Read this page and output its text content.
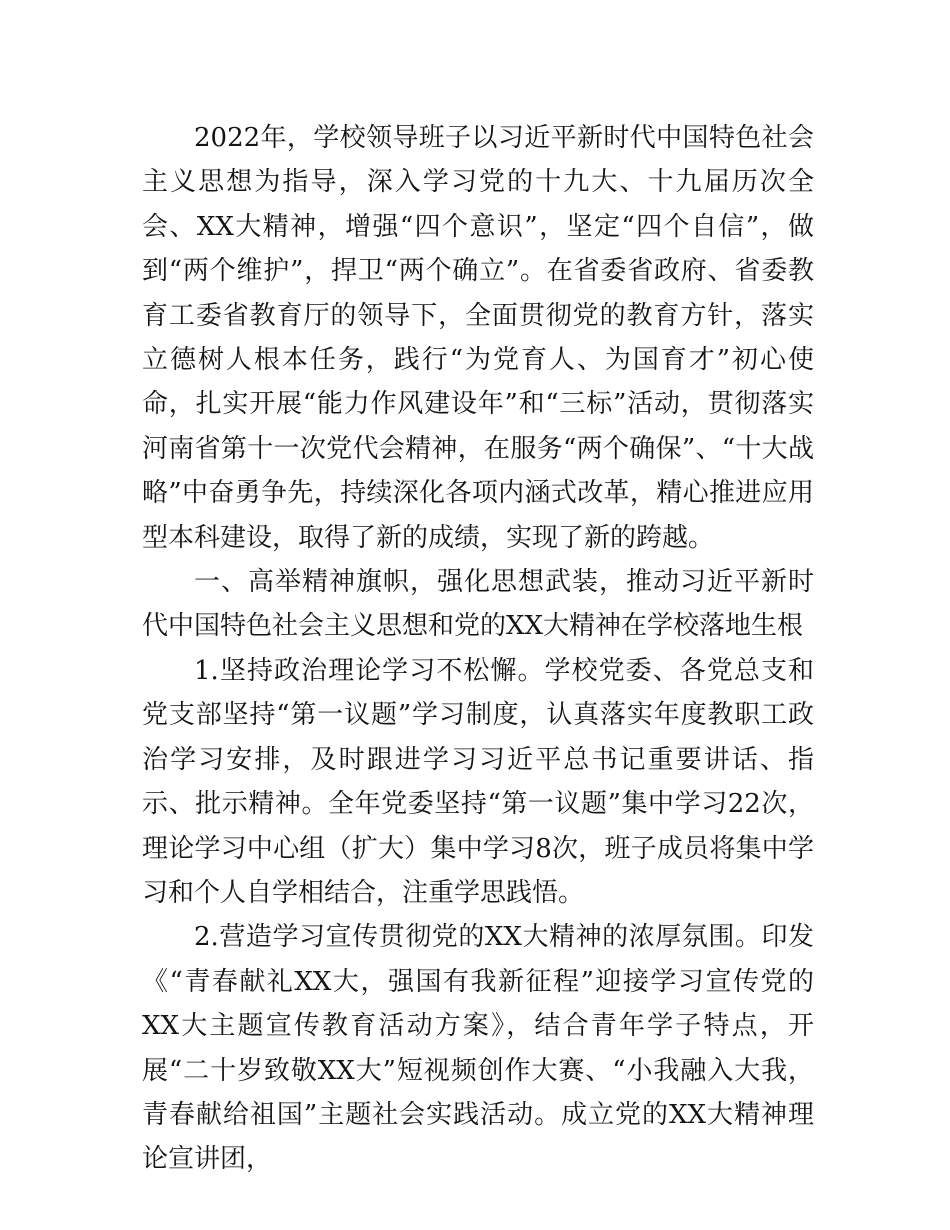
2022年，学校领导班子以习近平新时代中国特色社会主义思想为指导，深入学习党的十九大、十九届历次全会、XX大精神，增强“四个意识”，坚定“四个自信”，做到“两个维护”，捍卫“两个确立”。在省委省政府、省委教育工委省教育厅的领导下，全面贯彻党的教育方针，落实立德树人根本任务，践行“为党育人、为国育才”初心使命，扎实开展“能力作风建设年”和“三标”活动，贯彻落实河南省第十一次党代会精神，在服务“两个确保”、“十大战略”中奋勇争先，持续深化各项内涵式改革，精心推进应用型本科建设，取得了新的成绩，实现了新的跨越。

一、高举精神旗帜，强化思想武装，推动习近平新时代中国特色社会主义思想和党的XX大精神在学校落地生根

1.坚持政治理论学习不松懈。学校党委、各党总支和党支部坚持“第一议题”学习制度，认真落实年度教职工政治学习安排，及时跟进学习习近平总书记重要讲话、指示、批示精神。全年党委坚持“第一议题”集中学习22次，理论学习中心组（扩大）集中学习8次，班子成员将集中学习和个人自学相结合，注重学思践悟。

2.营造学习宣传贯彻党的XX大精神的浓厚氛围。印发《“青春献礼XX大，强国有我新征程”迎接学习宣传党的XX大主题宣传教育活动方案》，结合青年学子特点，开展“二十岁致敬XX大”短视频创作大赛、“小我融入大我，青春献给祖国”主题社会实践活动。成立党的XX大精神理论宣讲团，
